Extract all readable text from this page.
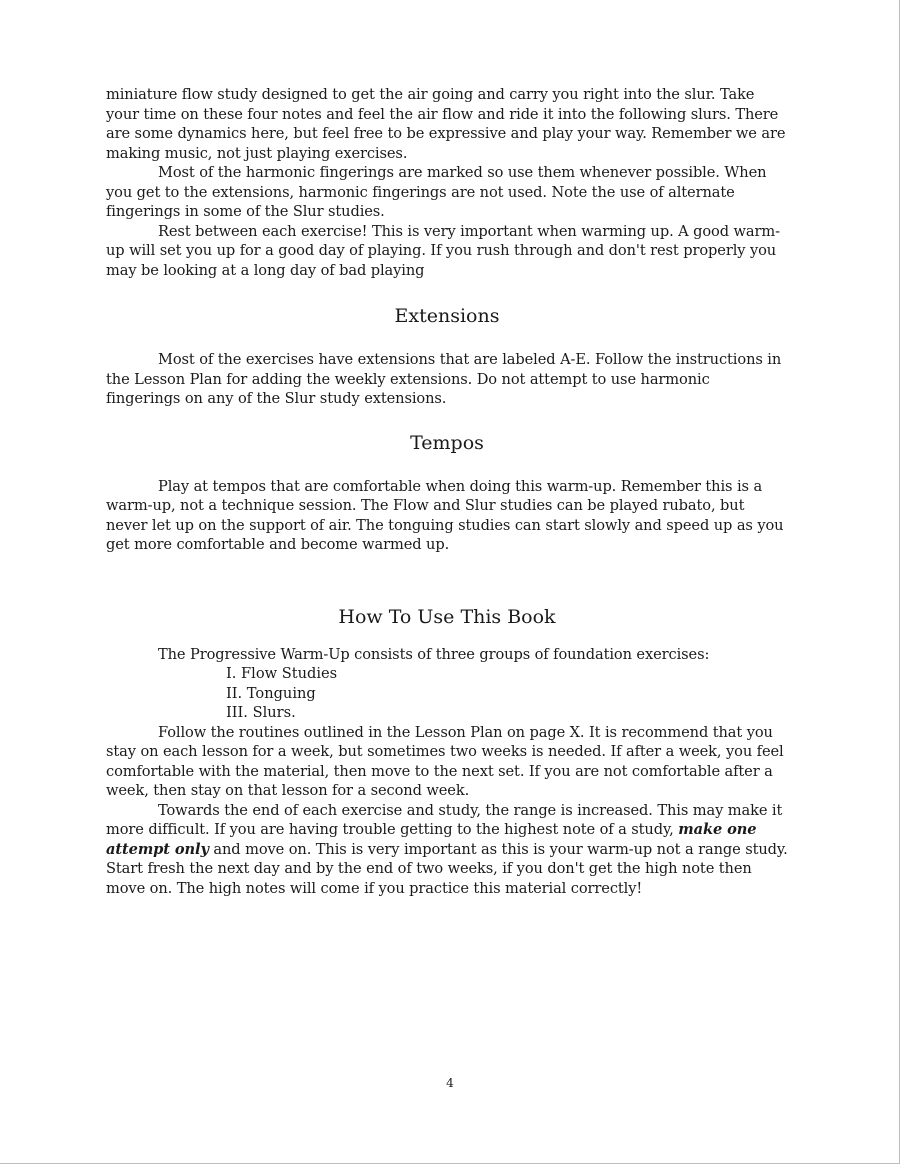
miniature flow study designed to get the air going and carry you right into the slur. Take your time on these four notes and feel the air flow and ride it into the following slurs. There are some dynamics here, but feel free to be expressive and play your way. Remember we are making music, not just playing exercises.

Most of the harmonic fingerings are marked so use them whenever possible. When you get to the extensions, harmonic fingerings are not used. Note the use of alternate fingerings in some of the Slur studies.

Rest between each exercise! This is very important when warming up. A good warm-up will set you up for a good day of playing. If you rush through and don't rest properly you may be looking at a long day of bad playing

Extensions

Most of the exercises have extensions that are labeled A-E. Follow the instructions in the Lesson Plan for adding the weekly extensions. Do not attempt to use harmonic fingerings on any of the Slur study extensions.

Tempos

Play at tempos that are comfortable when doing this warm-up. Remember this is a warm-up, not a technique session. The Flow and Slur studies can be played rubato, but never let up on the support of air. The tonguing studies can start slowly and speed up as you get more comfortable and become warmed up.

How To Use This Book

The Progressive Warm-Up consists of three groups of foundation exercises:

I. Flow Studies
II. Tonguing
III. Slurs.

Follow the routines outlined in the Lesson Plan on page X. It is recommend that you stay on each lesson for a week, but sometimes two weeks is needed. If after a week, you feel comfortable with the material, then move to the next set. If you are not comfortable after a week, then stay on that lesson for a second week.

Towards the end of each exercise and study, the range is increased. This may make it more difficult. If you are having trouble getting to the highest note of a study, make one attempt only and move on. This is very important as this is your warm-up not a range study. Start fresh the next day and by the end of two weeks, if you don't get the high note then move on. The high notes will come if you practice this material correctly!

4
